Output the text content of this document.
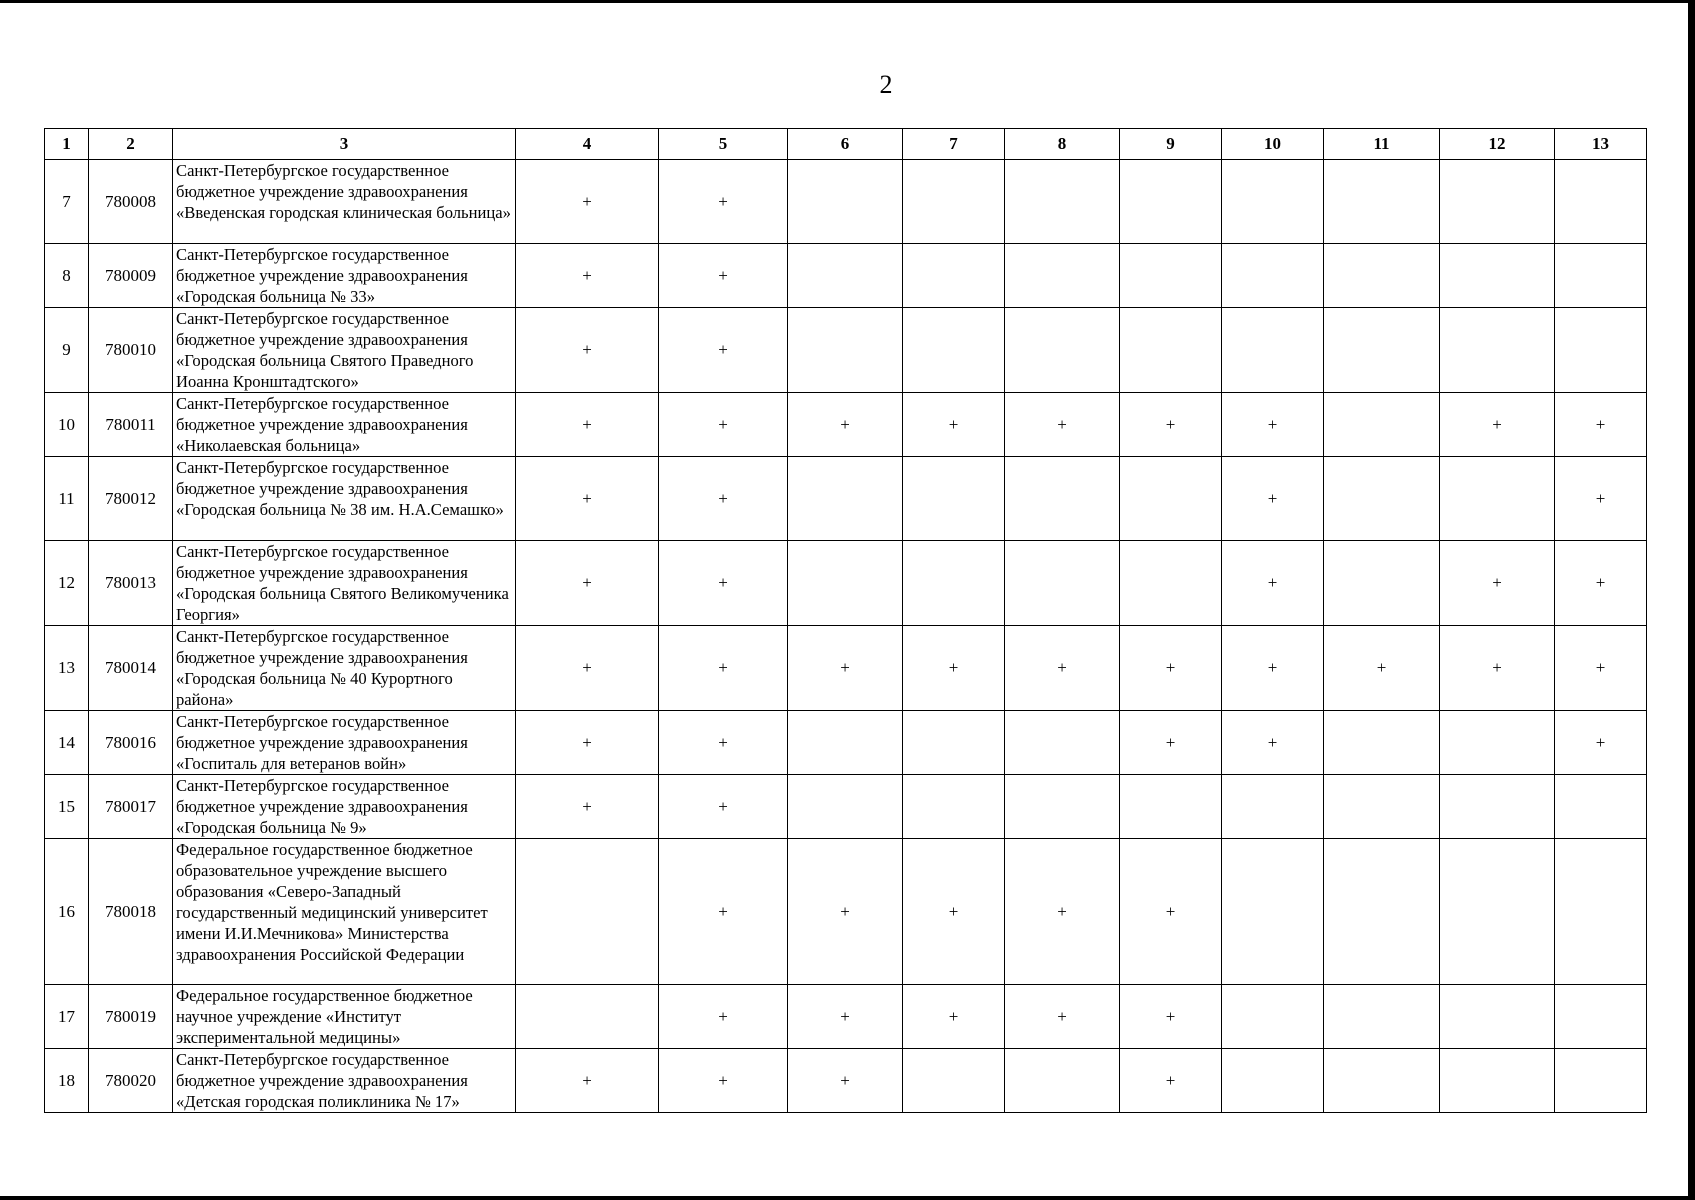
2
1	2	3	4	5	6	7	8	9	10	11	12	13
7	780008	Санкт-Петербургское государственное бюджетное учреждение здравоохранения «Введенская городская клиническая больница»	+	+								
8	780009	Санкт-Петербургское государственное бюджетное учреждение здравоохранения «Городская больница № 33»	+	+								
9	780010	Санкт-Петербургское государственное бюджетное учреждение здравоохранения «Городская больница Святого Праведного Иоанна Кронштадтского»	+	+								
10	780011	Санкт-Петербургское государственное бюджетное учреждение здравоохранения «Николаевская больница»	+	+	+	+	+	+	+		+	+
11	780012	Санкт-Петербургское государственное бюджетное учреждение здравоохранения «Городская больница № 38 им. Н.А.Семашко»	+	+					+			+
12	780013	Санкт-Петербургское государственное бюджетное учреждение здравоохранения «Городская больница Святого Великомученика Георгия»	+	+					+		+	+
13	780014	Санкт-Петербургское государственное бюджетное учреждение здравоохранения «Городская больница № 40 Курортного района»	+	+	+	+	+	+	+	+	+	+
14	780016	Санкт-Петербургское государственное бюджетное учреждение здравоохранения «Госпиталь для ветеранов войн»	+	+				+	+			+
15	780017	Санкт-Петербургское государственное бюджетное учреждение здравоохранения «Городская больница № 9»	+	+								
16	780018	Федеральное государственное бюджетное образовательное учреждение высшего образования «Северо-Западный государственный медицинский университет имени И.И.Мечникова» Министерства здравоохранения Российской Федерации		+	+	+	+	+				
17	780019	Федеральное государственное бюджетное научное учреждение «Институт экспериментальной медицины»		+	+	+	+	+				
18	780020	Санкт-Петербургское государственное бюджетное учреждение здравоохранения «Детская городская поликлиника № 17»	+	+	+			+				
